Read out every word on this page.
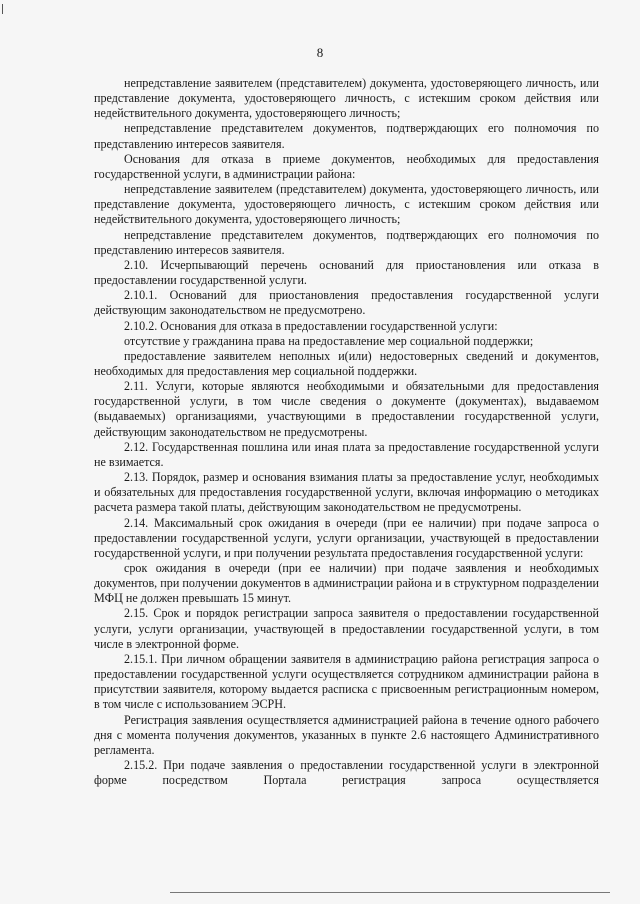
8

непредставление заявителем (представителем) документа, удостоверяющего личность, или представление документа, удостоверяющего личность, с истекшим сроком действия или недействительного документа, удостоверяющего личность;

непредставление представителем документов, подтверждающих его полномочия по представлению интересов заявителя.

Основания для отказа в приеме документов, необходимых для предоставления государственной услуги, в администрации района:

непредставление заявителем (представителем) документа, удостоверяющего личность, или представление документа, удостоверяющего личность, с истекшим сроком действия или недействительного документа, удостоверяющего личность;

непредставление представителем документов, подтверждающих его полномочия по представлению интересов заявителя.

2.10. Исчерпывающий перечень оснований для приостановления или отказа в предоставлении государственной услуги.

2.10.1. Оснований для приостановления предоставления государственной услуги действующим законодательством не предусмотрено.

2.10.2. Основания для отказа в предоставлении государственной услуги:

отсутствие у гражданина права на предоставление мер социальной поддержки;

предоставление заявителем неполных и(или) недостоверных сведений и документов, необходимых для предоставления мер социальной поддержки.

2.11. Услуги, которые являются необходимыми и обязательными для предоставления государственной услуги, в том числе сведения о документе (документах), выдаваемом (выдаваемых) организациями, участвующими в предоставлении государственной услуги, действующим законодательством не предусмотрены.

2.12. Государственная пошлина или иная плата за предоставление государственной услуги не взимается.

2.13. Порядок, размер и основания взимания платы за предоставление услуг, необходимых и обязательных для предоставления государственной услуги, включая информацию о методиках расчета размера такой платы, действующим законодательством не предусмотрены.

2.14. Максимальный срок ожидания в очереди (при ее наличии) при подаче запроса о предоставлении государственной услуги, услуги организации, участвующей в предоставлении государственной услуги, и при получении результата предоставления государственной услуги:

срок ожидания в очереди (при ее наличии) при подаче заявления и необходимых документов, при получении документов в администрации района и в структурном подразделении МФЦ не должен превышать 15 минут.

2.15. Срок и порядок регистрации запроса заявителя о предоставлении государственной услуги, услуги организации, участвующей в предоставлении государственной услуги, в том числе в электронной форме.

2.15.1. При личном обращении заявителя в администрацию района регистрация запроса о предоставлении государственной услуги осуществляется сотрудником администрации района в присутствии заявителя, которому выдается расписка с присвоенным регистрационным номером, в том числе с использованием ЭСРН.

Регистрация заявления осуществляется администрацией района в течение одного рабочего дня с момента получения документов, указанных в пункте 2.6 настоящего Административного регламента.

2.15.2. При подаче заявления о предоставлении государственной услуги в электронной форме посредством Портала регистрация запроса осуществляется
